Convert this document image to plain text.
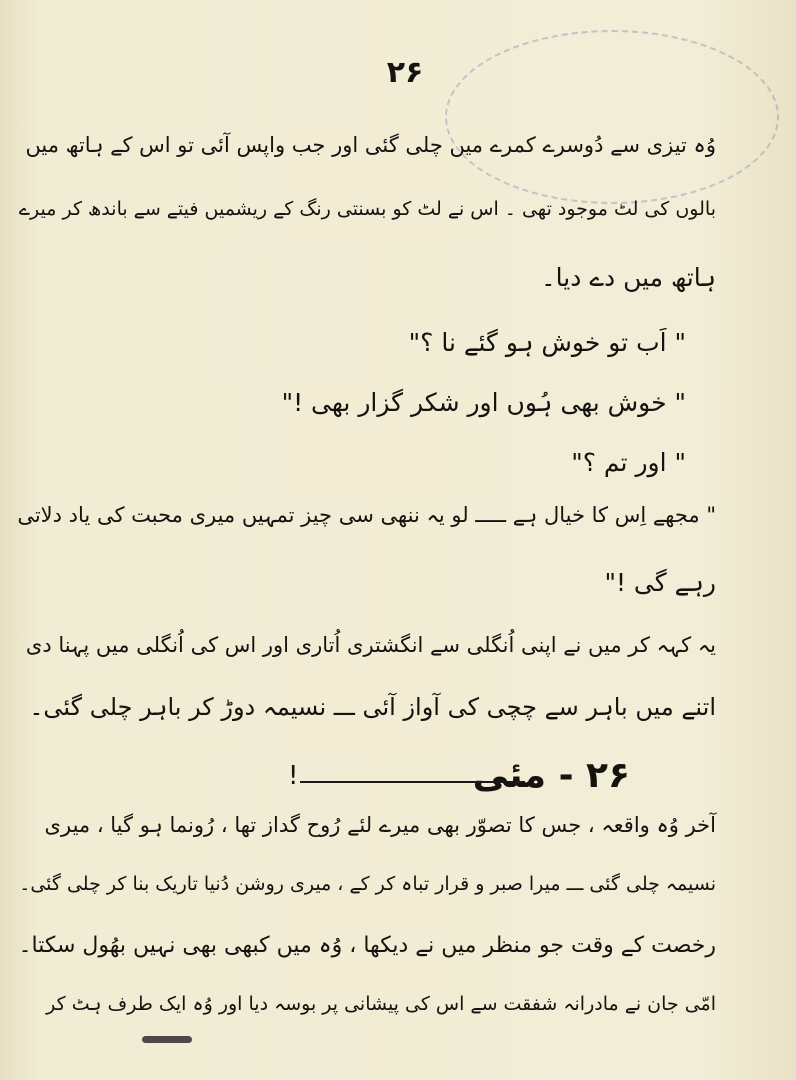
۲۶
وُہ تیزی سے دُوسرے کمرے میں چلی گئی اور جب واپس آئی تو اس کے ہاتھ میں
بالوں کی لٹ موجود تھی ۔ اس نے لٹ کو بسنتی رنگ کے ریشمیں فیتے سے باندھ کر میرے
ہاتھ میں دے دیا۔
" اَب تو خوش ہو گئے نا ؟"
" خوش بھی ہُوں اور شکر گزار بھی !"
" اور تم ؟"
" مجھے اِس کا خیال ہے ـــــ لو یہ ننھی سی چیز تمہیں میری محبت کی یاد دلاتی
رہے گی !"
یہ کہہ کر میں نے اپنی اُنگلی سے انگشتری اُتاری اور اس کی اُنگلی میں پہنا دی
اتنے میں باہر سے چچی کی آواز آئی ـــ نسیمہ دوڑ کر باہر چلی گئی۔
۲۶ - مئی
!
آخر وُہ واقعہ ، جس کا تصوّر بھی میرے لئے رُوح گداز تھا ، رُونما ہو گیا ، میری
نسیمہ چلی گئی ـــ میرا صبر و قرار تباہ کر کے ، میری روشن دُنیا تاریک بنا کر چلی گئی۔
رخصت کے وقت جو منظر میں نے دیکھا ، وُہ میں کبھی بھی نہیں بھُول سکتا۔
امّی جان نے مادرانہ شفقت سے اس کی پیشانی پر بوسہ دیا اور وُہ ایک طرف ہٹ کر
